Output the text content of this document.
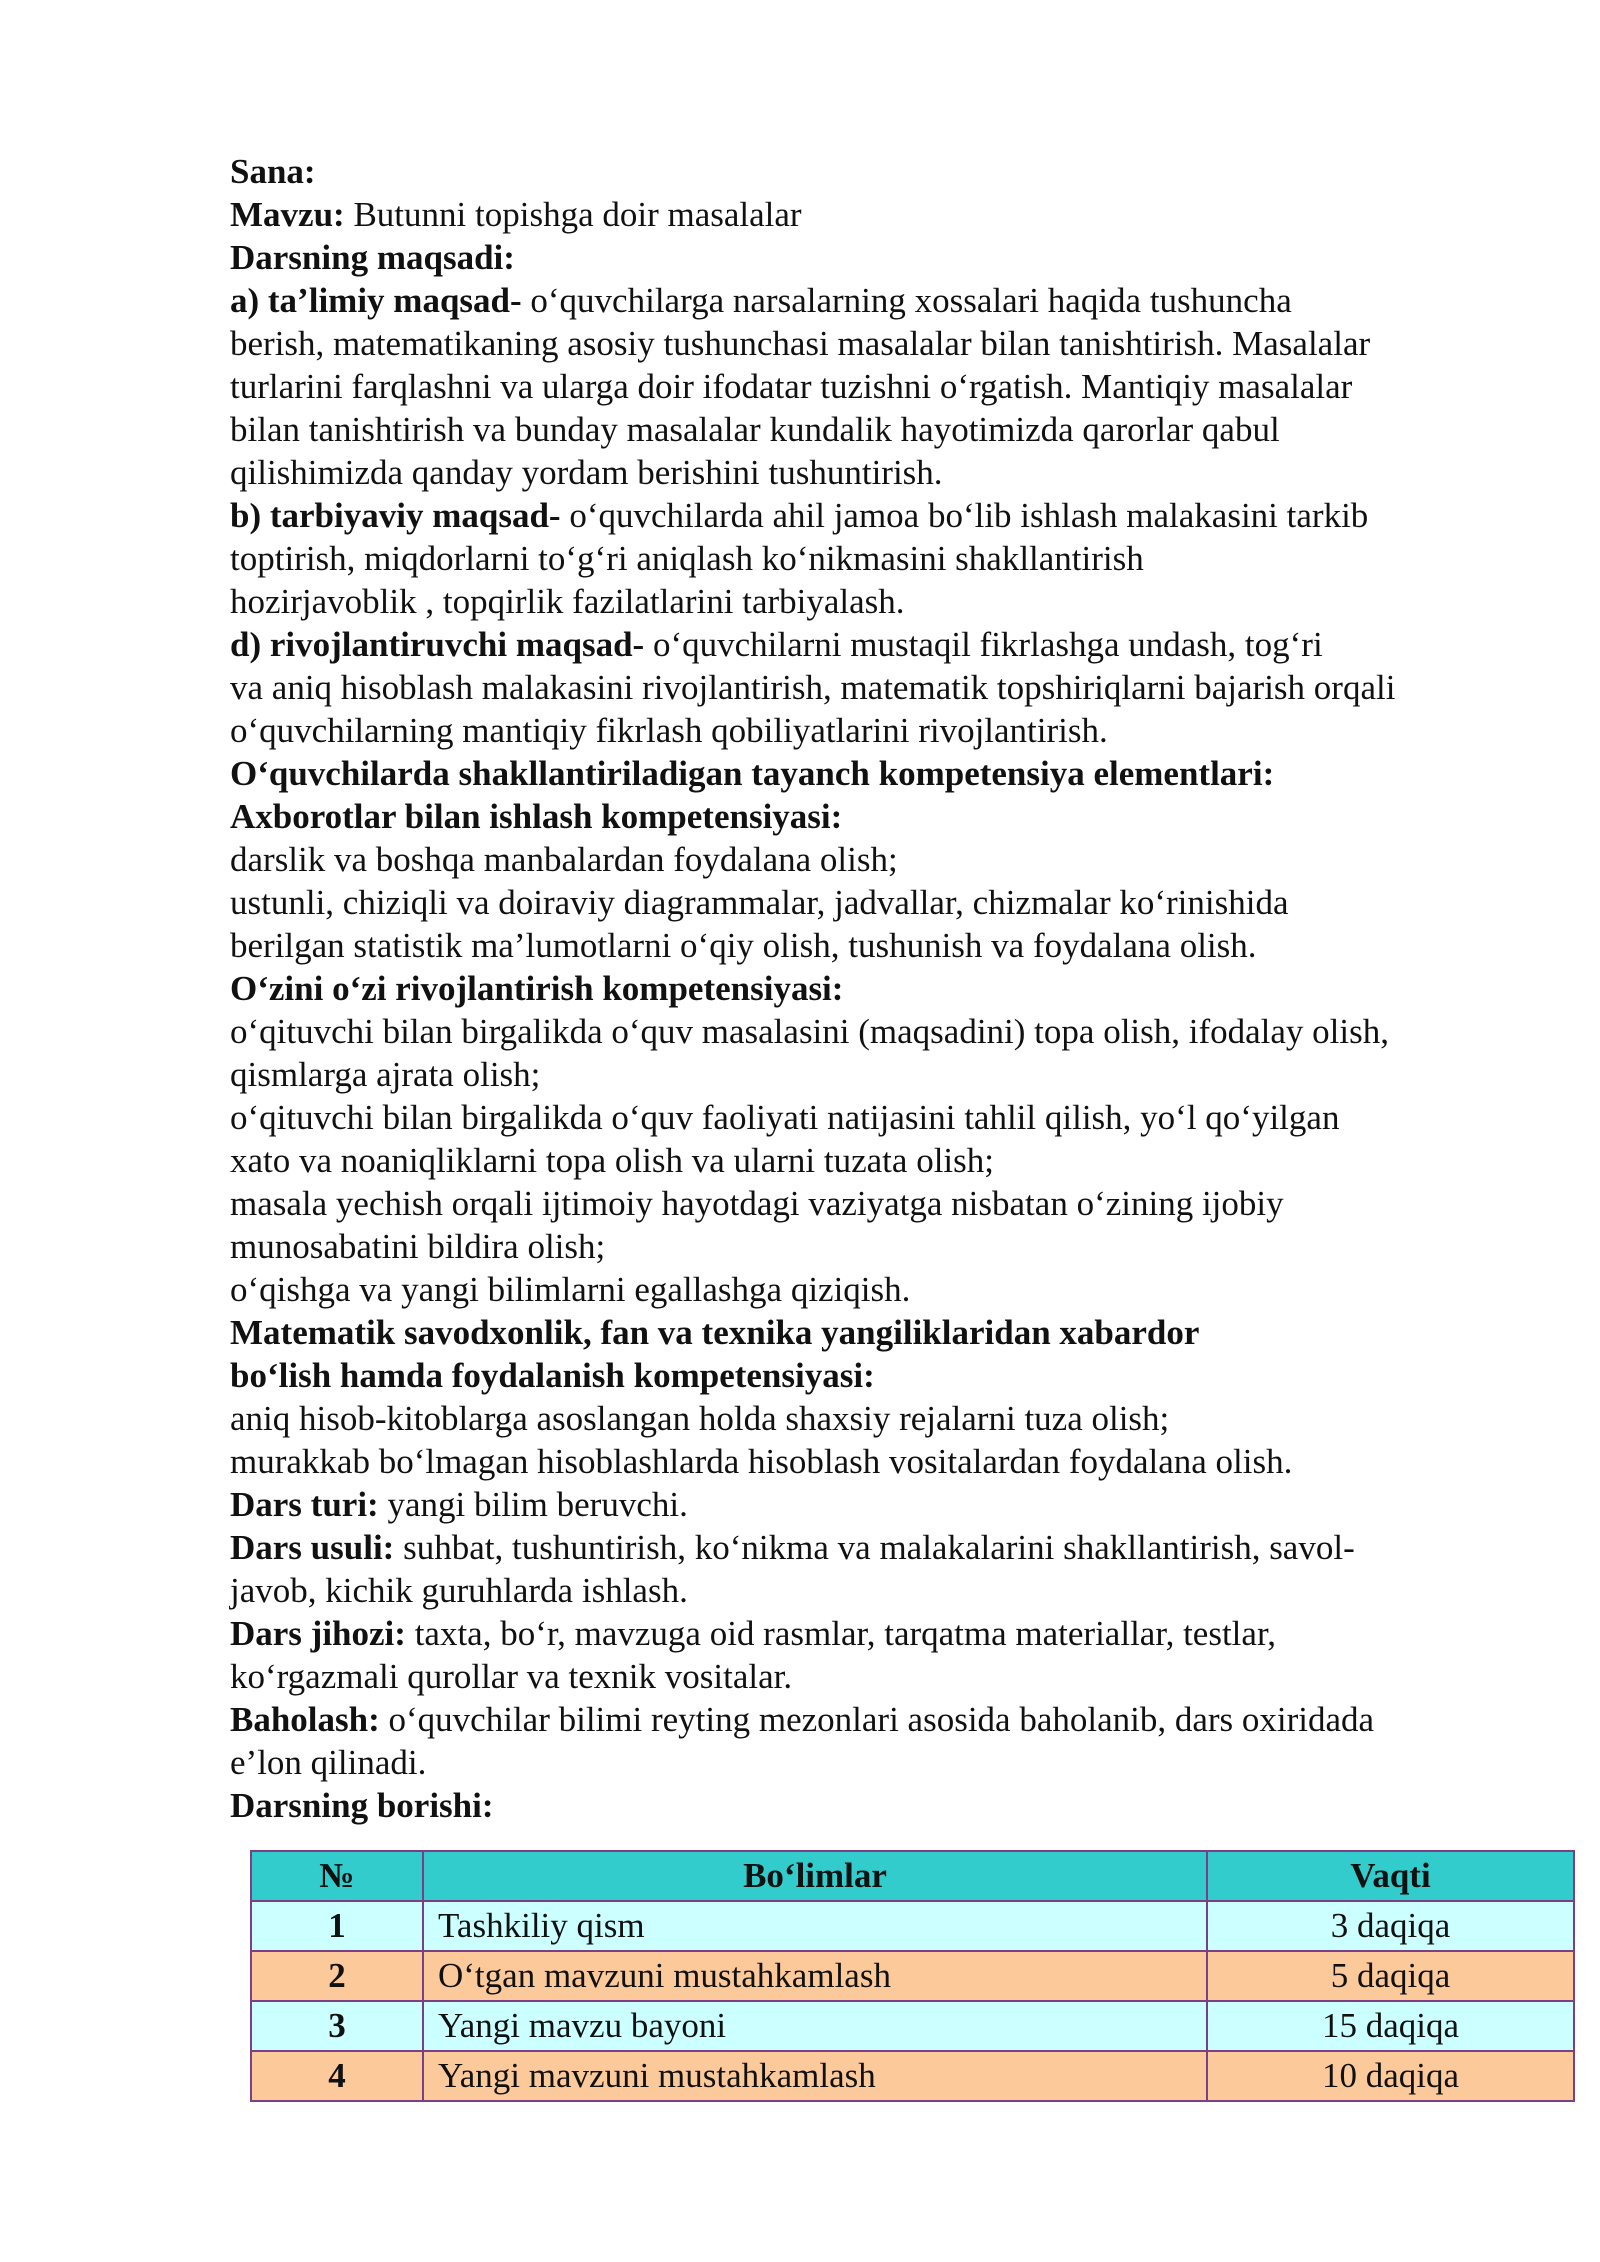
Sana:
Mavzu: Butunni topishga doir masalalar
Darsning maqsadi:
a) ta’limiy maqsad- o‘quvchilarga narsalarning xossalari haqida tushuncha
berish, matematikaning asosiy tushunchasi masalalar bilan tanishtirish. Masalalar
turlarini farqlashni va ularga doir ifodatar tuzishni o‘rgatish. Mantiqiy masalalar
bilan tanishtirish va bunday masalalar kundalik hayotimizda qarorlar qabul
qilishimizda qanday yordam berishini tushuntirish.
b) tarbiyaviy maqsad- o‘quvchilarda ahil jamoa bo‘lib ishlash malakasini tarkib
toptirish, miqdorlarni to‘g‘ri aniqlash ko‘nikmasini shakllantirish
hozirjavoblik , topqirlik fazilatlarini tarbiyalash.
d) rivojlantiruvchi maqsad- o‘quvchilarni mustaqil fikrlashga undash, tog‘ri
va aniq hisoblash malakasini rivojlantirish, matematik topshiriqlarni bajarish orqali
o‘quvchilarning mantiqiy fikrlash qobiliyatlarini rivojlantirish.
O‘quvchilarda shakllantiriladigan tayanch kompetensiya elementlari:
Axborotlar bilan ishlash kompetensiyasi:
darslik va boshqa manbalardan foydalana olish;
ustunli, chiziqli va doiraviy diagrammalar, jadvallar, chizmalar ko‘rinishida
berilgan statistik ma’lumotlarni o‘qiy olish, tushunish va foydalana olish.
O‘zini o‘zi rivojlantirish kompetensiyasi:
o‘qituvchi bilan birgalikda o‘quv masalasini (maqsadini) topa olish, ifodalay olish,
qismlarga ajrata olish;
o‘qituvchi bilan birgalikda o‘quv faoliyati natijasini tahlil qilish, yo‘l qo‘yilgan
xato va noaniqliklarni topa olish va ularni tuzata olish;
masala yechish orqali ijtimoiy hayotdagi vaziyatga nisbatan o‘zining ijobiy
munosabatini bildira olish;
o‘qishga va yangi bilimlarni egallashga qiziqish.
Matematik savodxonlik, fan va texnika yangiliklaridan xabardor
bo‘lish hamda foydalanish kompetensiyasi:
aniq hisob-kitoblarga asoslangan holda shaxsiy rejalarni tuza olish;
murakkab bo‘lmagan hisoblashlarda hisoblash vositalardan foydalana olish.
Dars turi: yangi bilim beruvchi.
Dars usuli: suhbat, tushuntirish, ko‘nikma va malakalarini shakllantirish, savol-
javob, kichik guruhlarda ishlash.
Dars jihozi: taxta, bo‘r, mavzuga oid rasmlar, tarqatma materiallar, testlar,
ko‘rgazmali qurollar va texnik vositalar.
Baholash: o‘quvchilar bilimi reyting mezonlari asosida baholanib, dars oxiridada
e’lon qilinadi.
Darsning borishi:
№	Bo‘limlar	Vaqti
1	Tashkiliy qism	3 daqiqa
2	O‘tgan mavzuni mustahkamlash	5 daqiqa
3	Yangi mavzu bayoni	15 daqiqa
4	Yangi mavzuni mustahkamlash	10 daqiqa
